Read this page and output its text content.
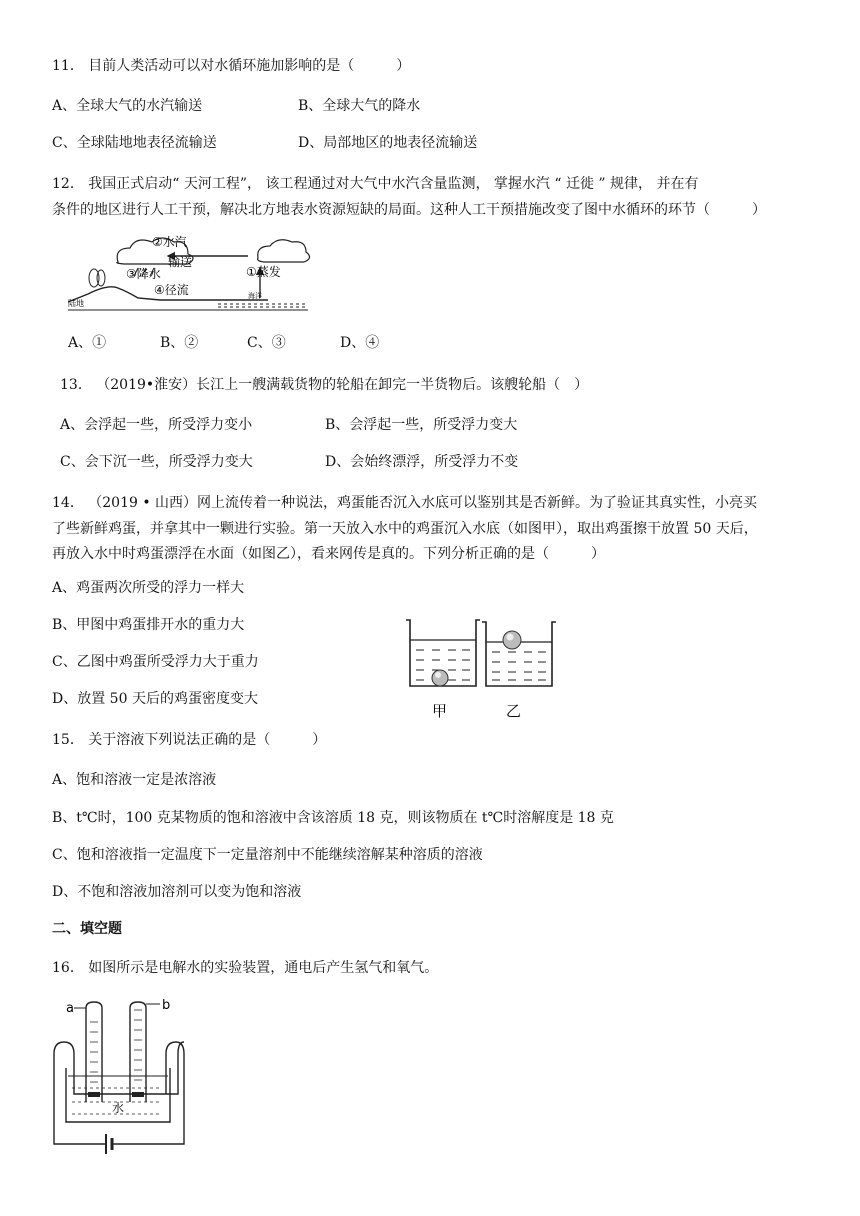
11． 目前人类活动可以对水循环施加影响的是（　　　）
A、全球大气的水汽输送	B、全球大气的降水
C、全球陆地地表径流输送	D、局部地区的地表径流输送
12． 我国正式启动“ 天河工程”， 该工程通过对大气中水汽含量监测， 掌握水汽 “ 迁徙 ” 规律， 并在有
条件的地区进行人工干预，解决北方地表水资源短缺的局面。这种人工干预措施改变了图中水循环的环节（　　　）
②水汽
输送
③降水
④径流
①蒸发
陆地
海洋
A、①	B、②	C、③	D、④
13． （2019•淮安）长江上一艘满载货物的轮船在卸完一半货物后。该艘轮船（　）
A、会浮起一些，所受浮力变小	B、会浮起一些，所受浮力变大
C、会下沉一些，所受浮力变大	D、会始终漂浮，所受浮力不变
14． （2019 • 山西）网上流传着一种说法，鸡蛋能否沉入水底可以鉴别其是否新鲜。为了验证其真实性，小亮买
了些新鲜鸡蛋，并拿其中一颗进行实验。第一天放入水中的鸡蛋沉入水底（如图甲），取出鸡蛋擦干放置 50 天后，
再放入水中时鸡蛋漂浮在水面（如图乙），看来网传是真的。下列分析正确的是（　　　）
A、鸡蛋两次所受的浮力一样大
B、甲图中鸡蛋排开水的重力大
C、乙图中鸡蛋所受浮力大于重力
D、放置 50 天后的鸡蛋密度变大
甲	乙
15． 关于溶液下列说法正确的是（　　　）
A、饱和溶液一定是浓溶液
B、t℃时，100 克某物质的饱和溶液中含该溶质 18 克，则该物质在 t℃时溶解度是 18 克
C、饱和溶液指一定温度下一定量溶剂中不能继续溶解某种溶质的溶液
D、不饱和溶液加溶剂可以变为饱和溶液
二、填空题
16． 如图所示是电解水的实验装置，通电后产生氢气和氧气。
a	b
水
